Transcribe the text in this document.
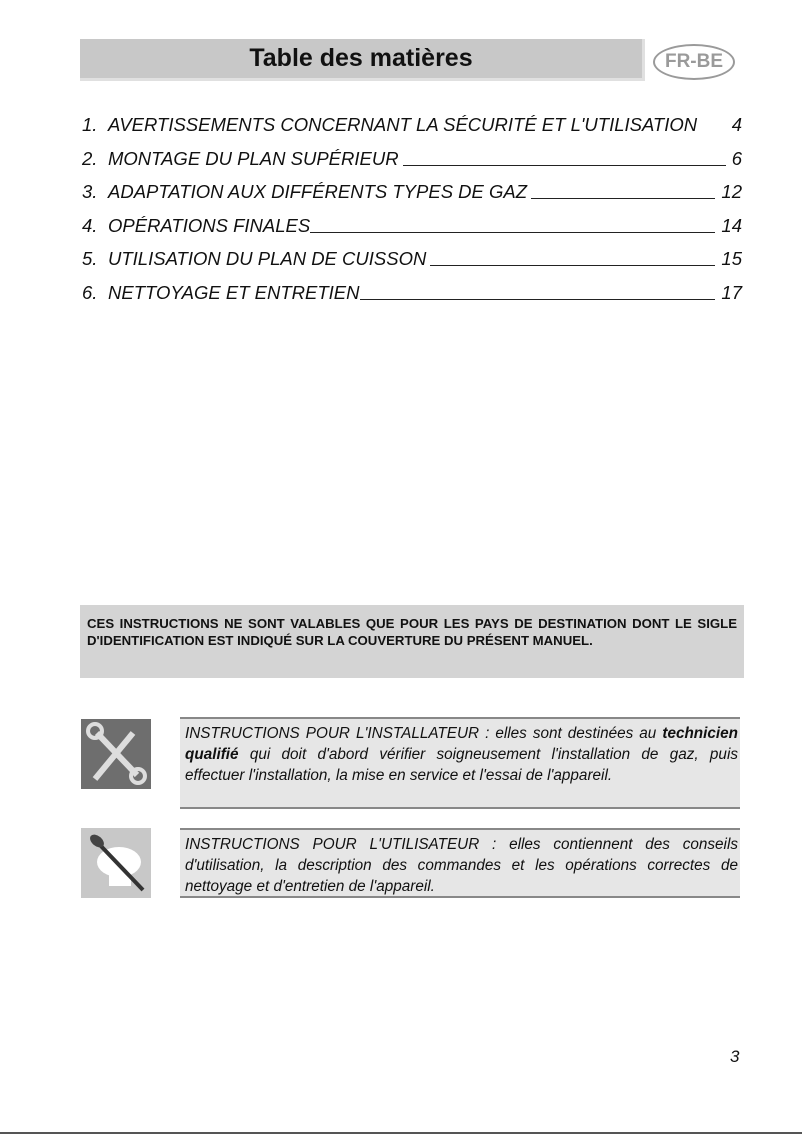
Table des matières	FR-BE
1. AVERTISSEMENTS CONCERNANT LA SÉCURITÉ ET L'UTILISATION 4
2. MONTAGE DU PLAN SUPÉRIEUR	6
3. ADAPTATION AUX DIFFÉRENTS TYPES DE GAZ	12
4. OPÉRATIONS FINALES	14
5. UTILISATION DU PLAN DE CUISSON	15
6. NETTOYAGE ET ENTRETIEN	17
CES INSTRUCTIONS NE SONT VALABLES QUE POUR LES PAYS DE DESTINATION DONT LE SIGLE D'IDENTIFICATION EST INDIQUÉ SUR LA COUVERTURE DU PRÉSENT MANUEL.
INSTRUCTIONS POUR L'INSTALLATEUR : elles sont destinées au technicien qualifié qui doit d'abord vérifier soigneusement l'installation de gaz, puis effectuer l'installation, la mise en service et l'essai de l'appareil.
INSTRUCTIONS POUR L'UTILISATEUR : elles contiennent des conseils d'utilisation, la description des commandes et les opérations correctes de nettoyage et d'entretien de l'appareil.
3
